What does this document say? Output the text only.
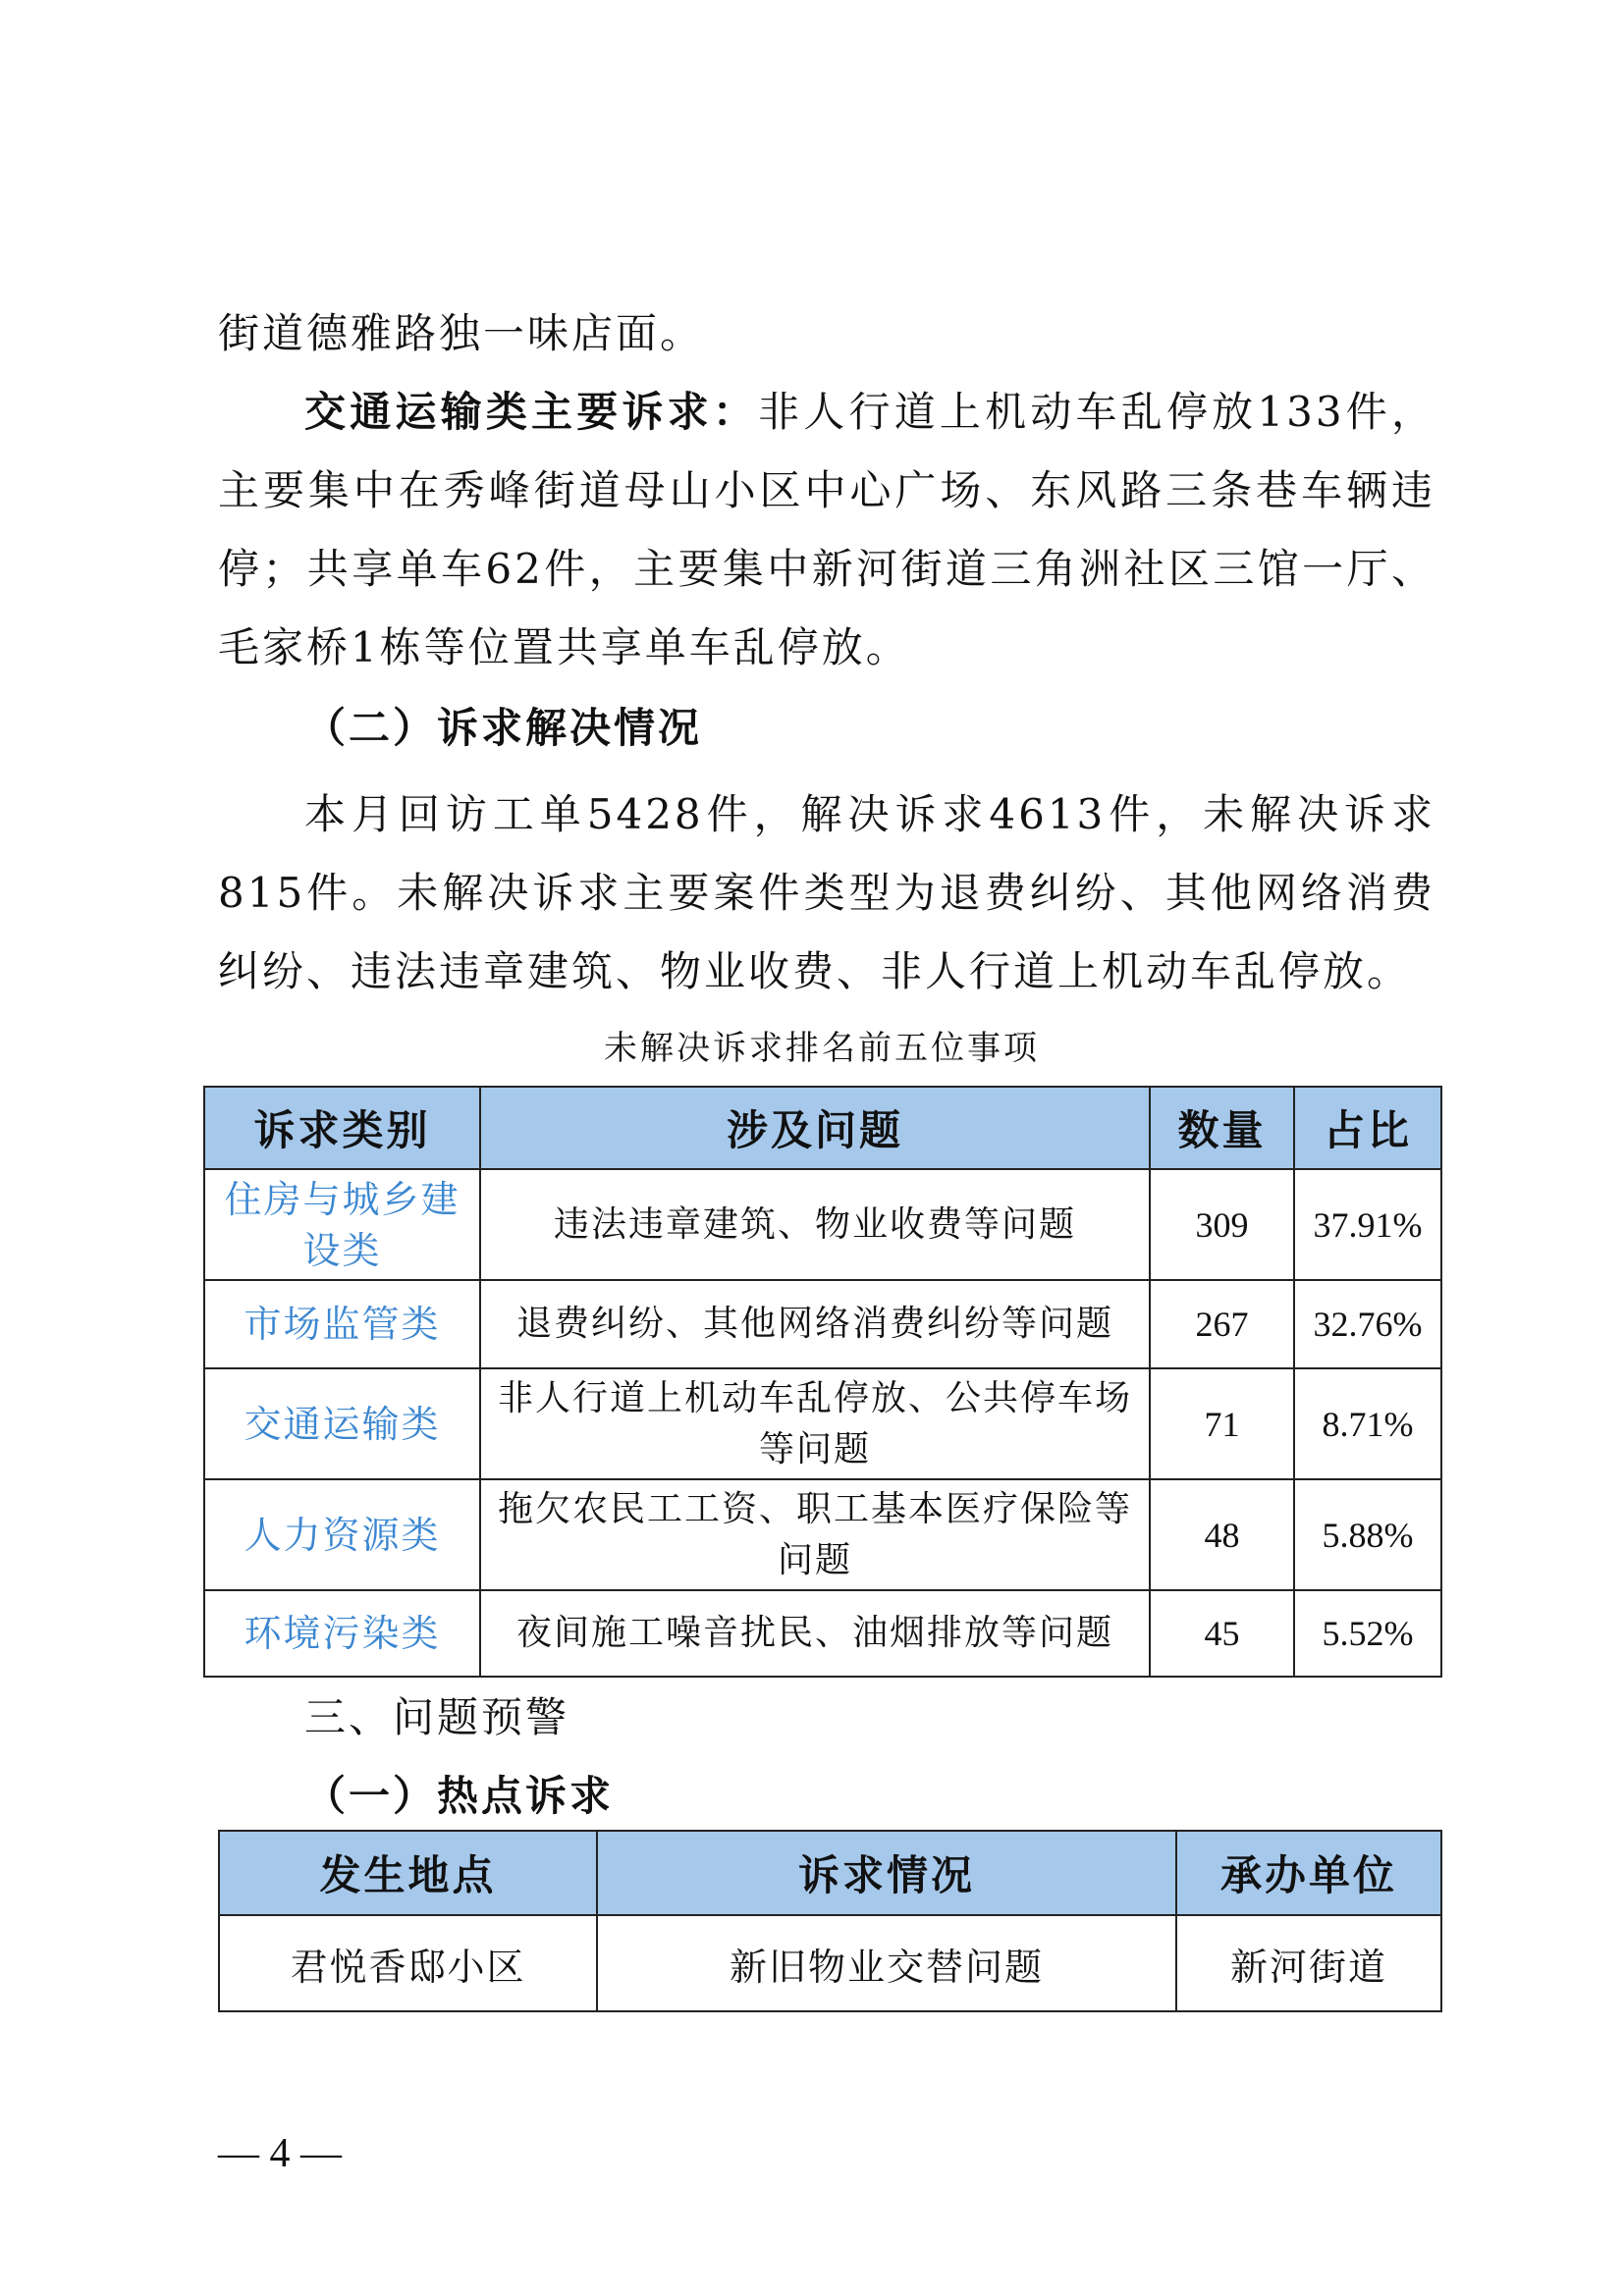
街道德雅路独一味店面。

交通运输类主要诉求：非人行道上机动车乱停放133件，主要集中在秀峰街道母山小区中心广场、东风路三条巷车辆违停；共享单车62件，主要集中新河街道三角洲社区三馆一厅、毛家桥1栋等位置共享单车乱停放。

（二）诉求解决情况

本月回访工单5428件，解决诉求4613件，未解决诉求815件。未解决诉求主要案件类型为退费纠纷、其他网络消费纠纷、违法违章建筑、物业收费、非人行道上机动车乱停放。

未解决诉求排名前五位事项

诉求类别	涉及问题	数量	占比
住房与城乡建设类	违法违章建筑、物业收费等问题	309	37.91%
市场监管类	退费纠纷、其他网络消费纠纷等问题	267	32.76%
交通运输类	非人行道上机动车乱停放、公共停车场等问题	71	8.71%
人力资源类	拖欠农民工工资、职工基本医疗保险等问题	48	5.88%
环境污染类	夜间施工噪音扰民、油烟排放等问题	45	5.52%

三、问题预警

（一）热点诉求

发生地点	诉求情况	承办单位
君悦香邸小区	新旧物业交替问题	新河街道

— 4 —
